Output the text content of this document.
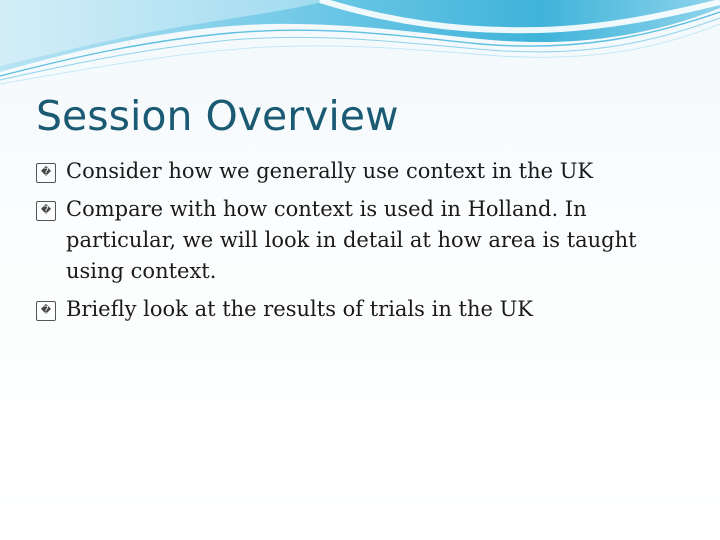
Session Overview
� Consider how we generally use context in the UK
� Compare with how context is used in Holland. In particular, we will look in detail at how area is taught using context.
� Briefly look at the results of trials in the UK
